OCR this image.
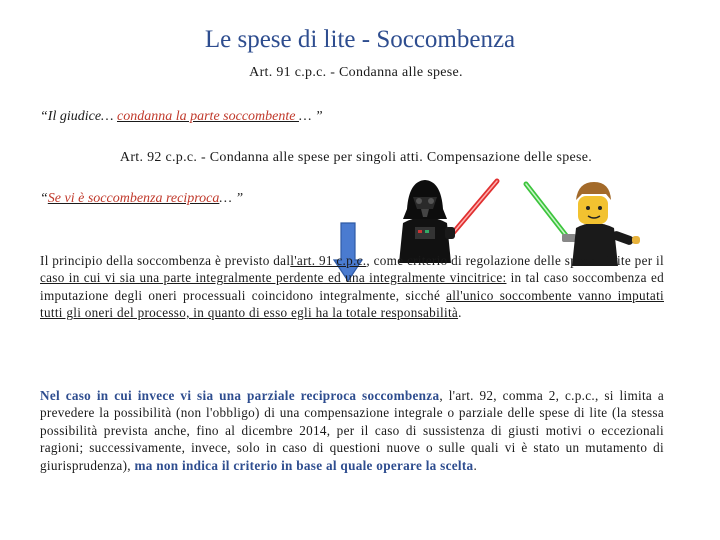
Le spese di lite - Soccombenza
Art. 91 c.p.c. - Condanna alle spese.
“Il giudice… condanna la parte soccombente … ”
Art. 92 c.p.c. - Condanna alle spese per singoli atti. Compensazione delle spese.
“Se vi è soccombenza reciproca… ”
Il principio della soccombenza è previsto dall'art. 91 c.p.c., come criterio di regolazione delle spese di lite per il caso in cui vi sia una parte integralmente perdente ed una integralmente vincitrice: in tal caso soccombenza ed imputazione degli oneri processuali coincidono integralmente, sicché all'unico soccombente vanno imputati tutti gli oneri del processo, in quanto di esso egli ha la totale responsabilità.
Nel caso in cui invece vi sia una parziale reciproca soccombenza, l'art. 92, comma 2, c.p.c., si limita a prevedere la possibilità (non l'obbligo) di una compensazione integrale o parziale delle spese di lite (la stessa possibilità prevista anche, fino al dicembre 2014, per il caso di sussistenza di giusti motivi o eccezionali ragioni; successivamente, invece, solo in caso di questioni nuove o sulle quali vi è stato un mutamento di giurisprudenza), ma non indica il criterio in base al quale operare la scelta.
